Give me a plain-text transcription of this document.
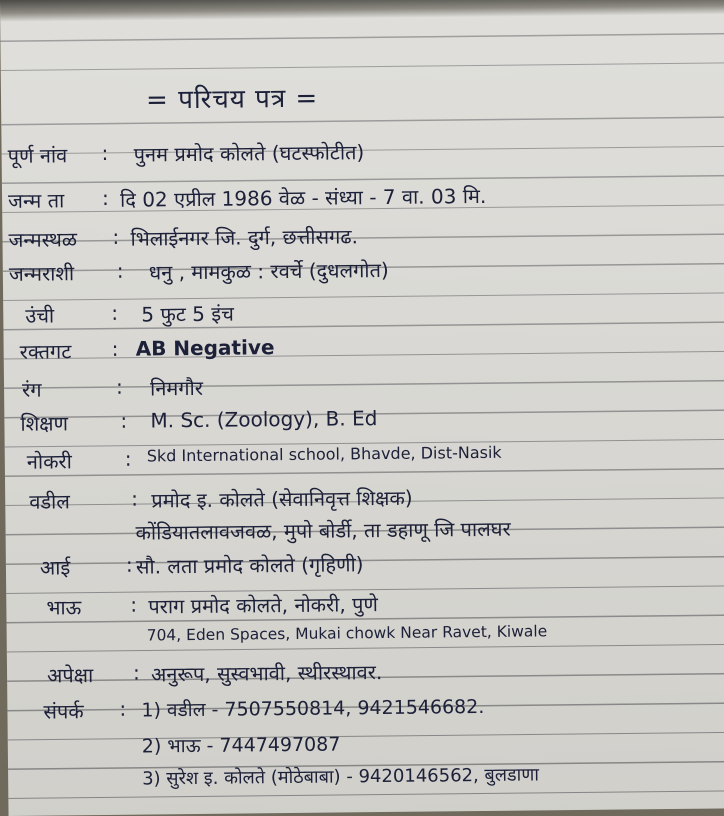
= परिचय पत्र =
पूर्ण नांव : पुनम प्रमोद कोलते (घटस्फोटीत)
जन्म ता : दि 02 एप्रील 1986 वेळ - संध्या - 7 वा. 03 मि.
जन्मस्थळ : भिलाईनगर जि. दुर्ग, छत्तीसगढ.
जन्मराशी : धनु , मामकुळ : रवर्चे (दुधलगोत)
उंची	: 5 फुट 5 इंच
रक्तगट : AB Negative
रंग	: निमगौर
शिक्षण	: M. Sc. (Zoology), B. Ed
नोकरी	: Skd International school, Bhavde, Dist-Nasik
वडील	: प्रमोद इ. कोलते (सेवानिवृत्त शिक्षक)
कोंडियातलावजवळ, मुपो बोर्डी, ता डहाणू जि पालघर
आई	: सौ. लता प्रमोद कोलते (गृहिणी)
भाऊ : पराग प्रमोद कोलते, नोकरी, पुणे
704, Eden Spaces, Mukai chowk Near Ravet, Kiwale
अपेक्षा : अनुरूप, सुस्वभावी, स्थीरस्थावर.
संपर्क : 1) वडील - 7507550814, 9421546682.
2) भाऊ - 7447497087
3) सुरेश इ. कोलते (मोठेबाबा) - 9420146562, बुलडाणा
